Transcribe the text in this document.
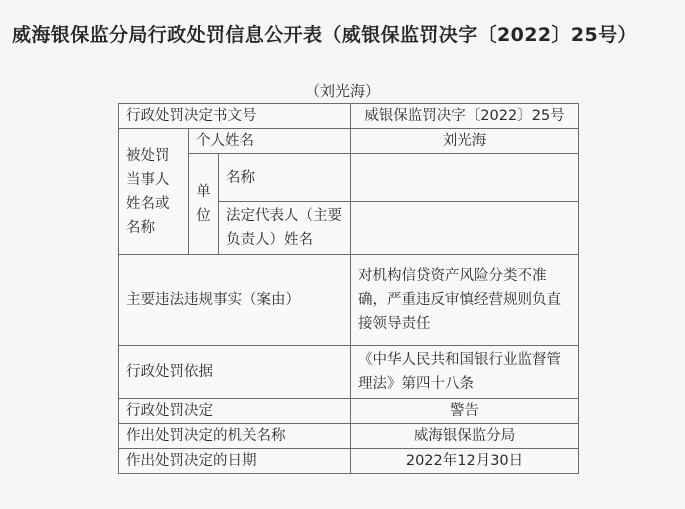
威海银保监分局行政处罚信息公开表（威银保监罚决字〔2022〕25号）
（刘光海）
行政处罚决定书文号			威银保监罚决字〔2022〕25号
被处罚当事人姓名或名称	个人姓名		刘光海
	单位	名称	
		法定代表人（主要负责人）姓名	
主要违法违规事实（案由）			对机构信贷资产风险分类不准确，严重违反审慎经营规则负直接领导责任
行政处罚依据			《中华人民共和国银行业监督管理法》第四十八条
行政处罚决定			警告
作出处罚决定的机关名称			威海银保监分局
作出处罚决定的日期			2022年12月30日
